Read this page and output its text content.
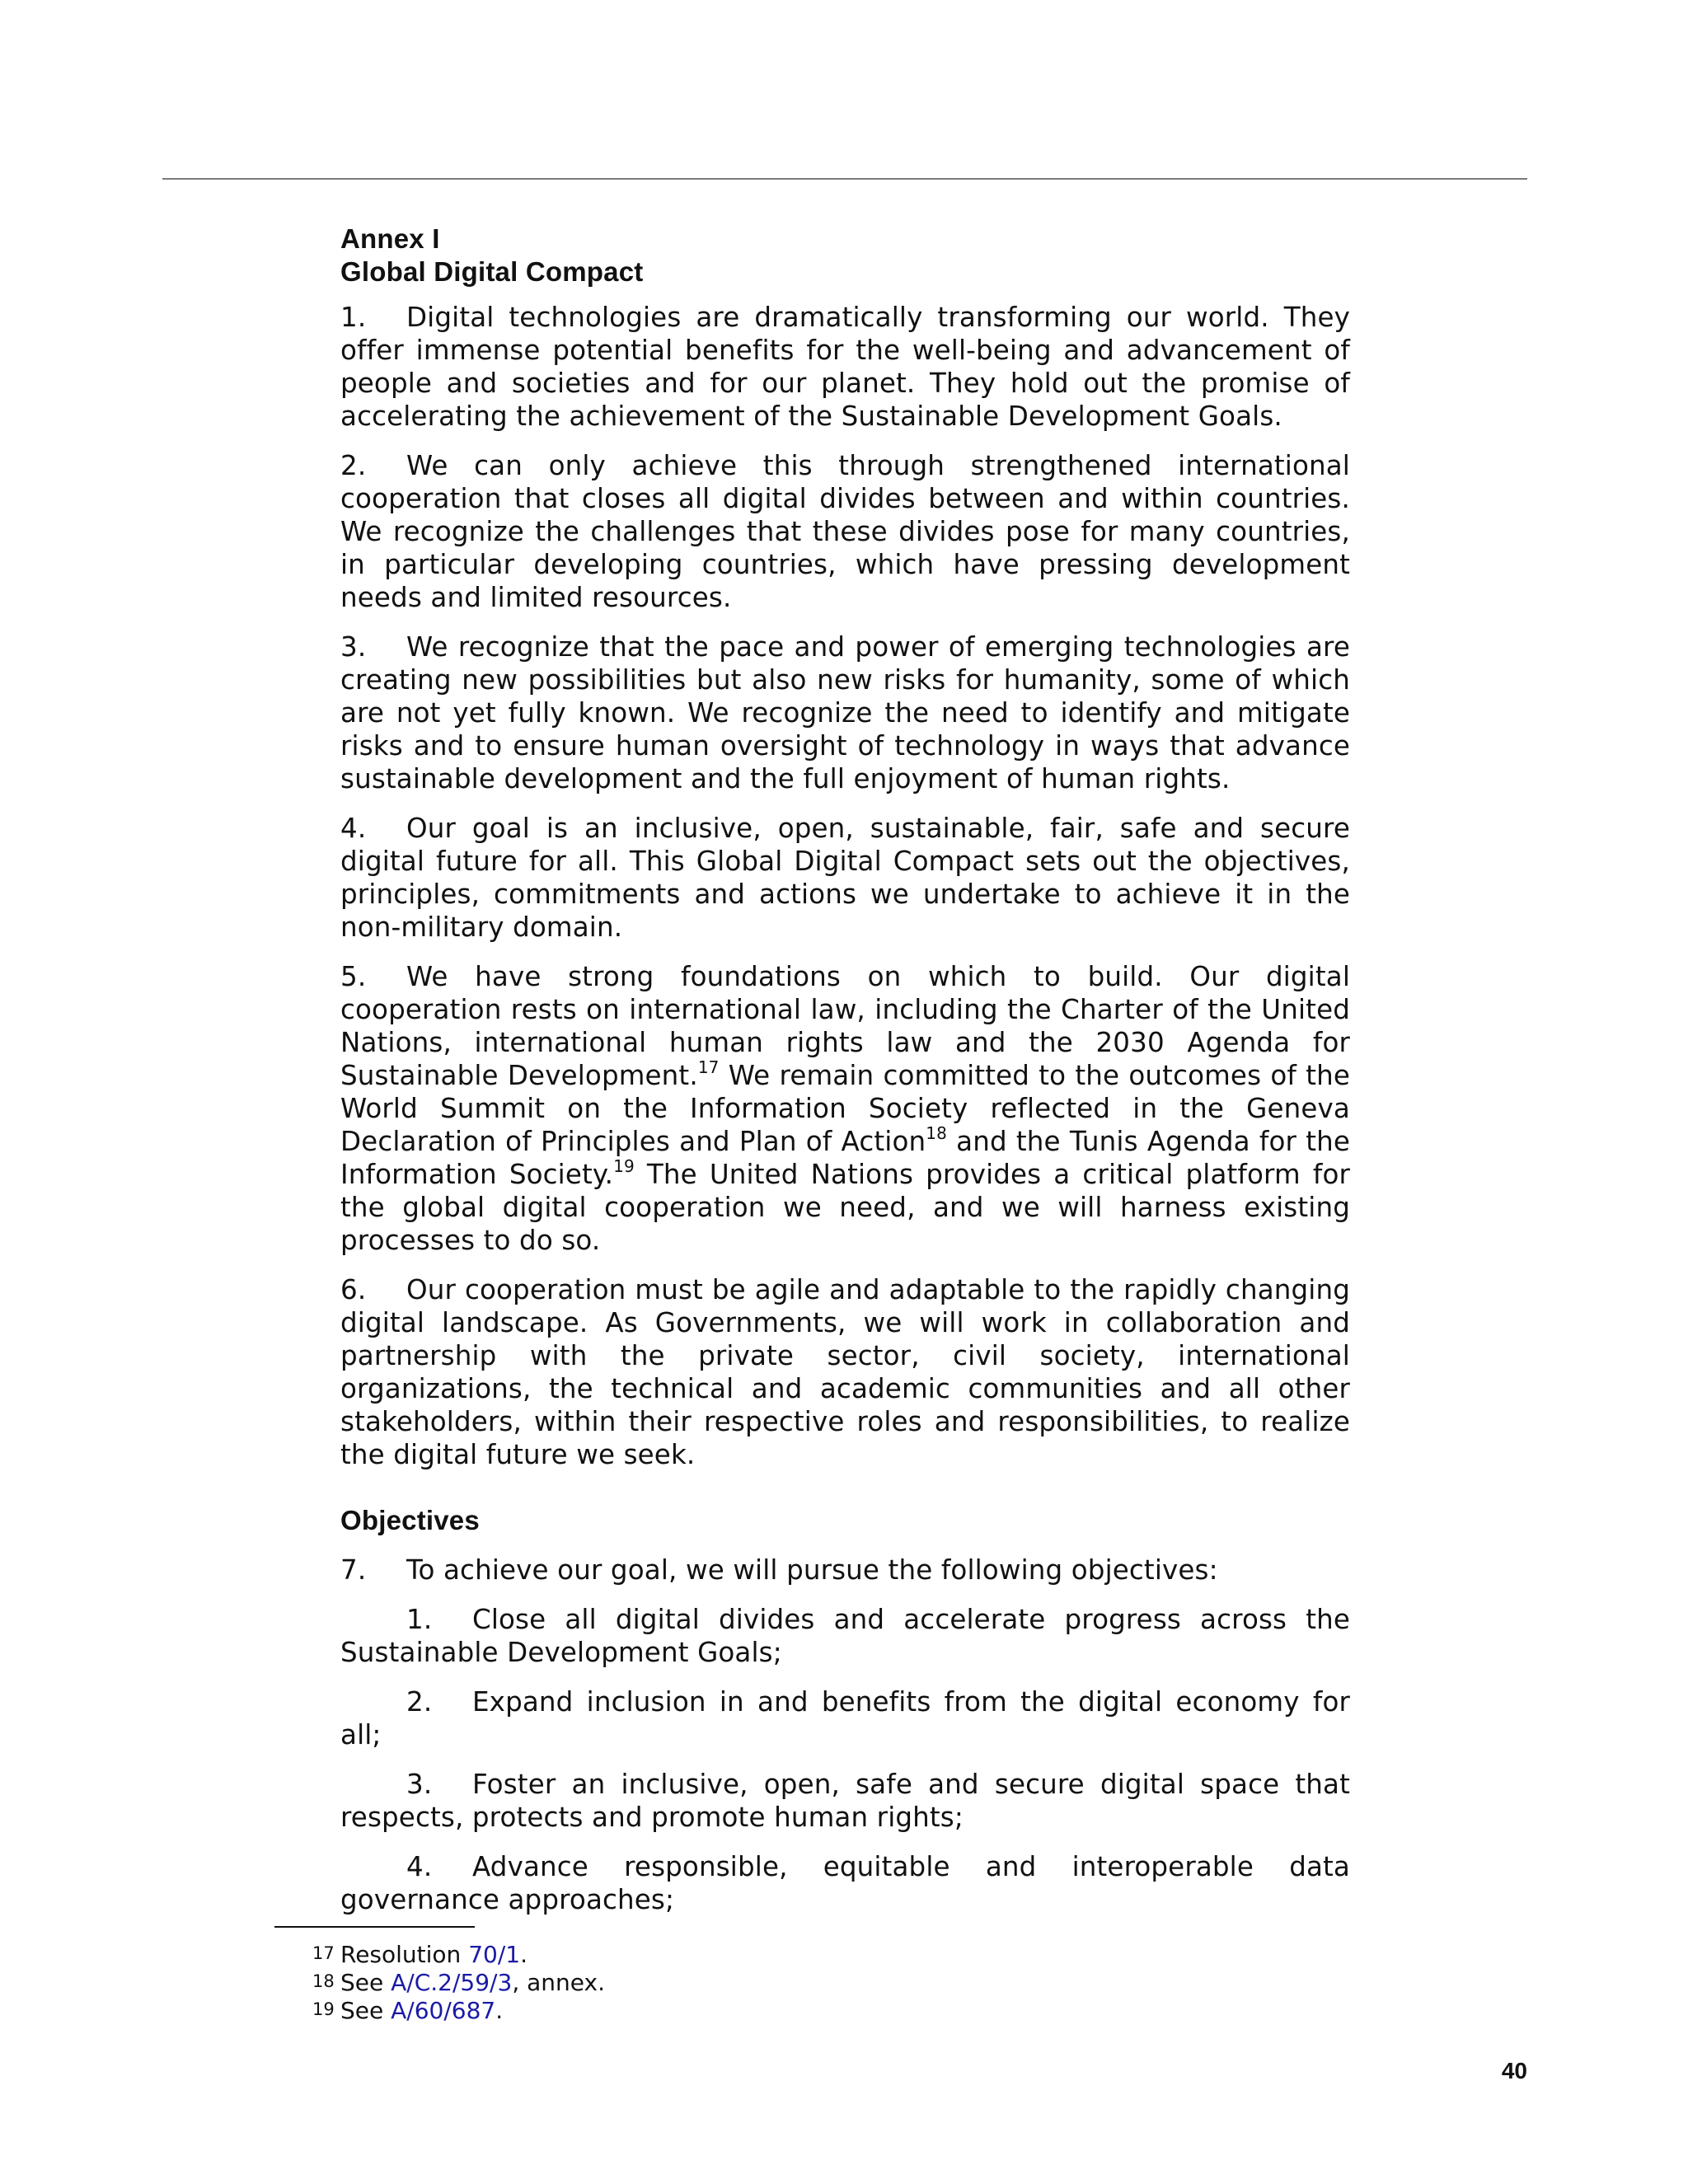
Annex I
Global Digital Compact

1. Digital technologies are dramatically transforming our world. They offer immense potential benefits for the well-being and advancement of people and societies and for our planet. They hold out the promise of accelerating the achievement of the Sustainable Development Goals.

2. We can only achieve this through strengthened international cooperation that closes all digital divides between and within countries. We recognize the challenges that these divides pose for many countries, in particular developing countries, which have pressing development needs and limited resources.

3. We recognize that the pace and power of emerging technologies are creating new possibilities but also new risks for humanity, some of which are not yet fully known. We recognize the need to identify and mitigate risks and to ensure human oversight of technology in ways that advance sustainable development and the full enjoyment of human rights.

4. Our goal is an inclusive, open, sustainable, fair, safe and secure digital future for all. This Global Digital Compact sets out the objectives, principles, commitments and actions we undertake to achieve it in the non-military domain.

5. We have strong foundations on which to build. Our digital cooperation rests on international law, including the Charter of the United Nations, international human rights law and the 2030 Agenda for Sustainable Development.$^{17}$ We remain committed to the outcomes of the World Summit on the Information Society reflected in the Geneva Declaration of Principles and Plan of Action$^{18}$ and the Tunis Agenda for the Information Society.$^{19}$ The United Nations provides a critical platform for the global digital cooperation we need, and we will harness existing processes to do so.

6. Our cooperation must be agile and adaptable to the rapidly changing digital landscape. As Governments, we will work in collaboration and partnership with the private sector, civil society, international organizations, the technical and academic communities and all other stakeholders, within their respective roles and responsibilities, to realize the digital future we seek.

Objectives

7. To achieve our goal, we will pursue the following objectives:

1. Close all digital divides and accelerate progress across the Sustainable Development Goals;

2. Expand inclusion in and benefits from the digital economy for all;

3. Foster an inclusive, open, safe and secure digital space that respects, protects and promote human rights;

4. Advance responsible, equitable and interoperable data governance approaches;

17 Resolution 70/1.
18 See A/C.2/59/3, annex.
19 See A/60/687.
40
